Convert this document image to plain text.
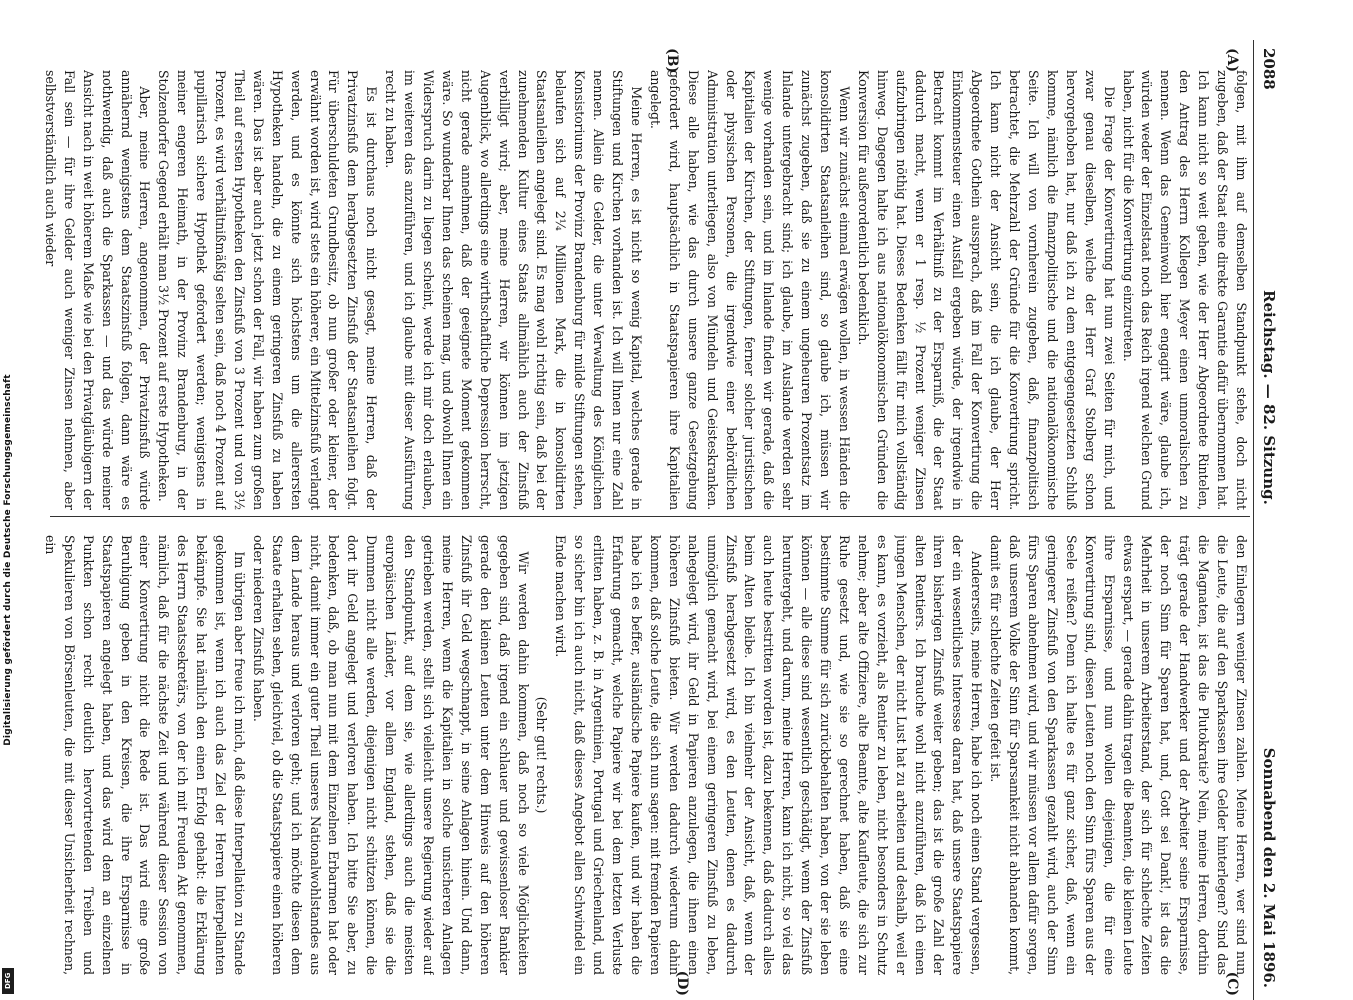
Digitalisierung gefördert durch die Deutsche Forschungsgemeinschaft
DFG
2088
Reichstag. — 82. Sitzung.
Sonnabend den 2. Mai 1896.
(A)
(B)
(C)
(D)

folgen, mit ihm auf demselben Standpunkt stehe, doch nicht zugeben, daß der Staat eine direkte Garantie dafür übernommen hat. Ich kann nicht so weit gehen, wie der Herr Abgeordnete Rintelen, den Antrag des Herrn Kollegen Meyer einen unmoralischen zu nennen. Wenn das Gemeinwohl hier engagirt wäre, glaube ich, würden weder der Einzelstaat noch das Reich irgend welchen Grund haben, nicht für die Konvertirung einzutreten.

Die Frage der Konvertirung hat nun zwei Seiten für mich, und zwar genau dieselben, welche der Herr Graf Stolberg schon hervorgehoben hat, nur daß ich zu dem entgegengesetzten Schluß komme, nämlich die finanzpolitische und die nationalökonomische Seite. Ich will von vornherein zugeben, daß, finanzpolitisch betrachtet, die Mehrzahl der Gründe für die Konvertirung spricht. Ich kann nicht der Ansicht sein, die ich glaube, der Herr Abgeordnete Gothein aussprach, daß im Fall der Konvertirung die Einkommensteuer einen Ausfall ergeben würde, der irgendwie in Betracht kommt im Verhältniß zu der Ersparniß, die der Staat dadurch macht, wenn er 1 resp. ½ Prozent weniger Zinsen aufzubringen nöthig hat. Dieses Bedenken fällt für mich vollständig hinweg. Dagegen halte ich aus nationalökonomischen Gründen die Konversion für außerordentlich bedenklich.

Wenn wir zunächst einmal erwägen wollen, in wessen Händen die konsolidirten Staatsanleihen sind, so glaube ich, müssen wir zunächst zugeben, daß sie zu einem ungeheuren Prozentsatz im Inlande untergebracht sind; ich glaube, im Auslande werden sehr wenige vorhanden sein, und im Inlande finden wir gerade, daß die Kapitalien der Kirchen, der Stiftungen, ferner solcher juristischen oder physischen Personen, die irgendwie einer behördlichen Administration unterliegen, also von Mündeln und Geisteskranken. Diese alle haben, wie das durch unsere ganze Gesetzgebung gefordert wird, hauptsächlich in Staatspapieren ihre Kapitalien angelegt.

Meine Herren, es ist nicht so wenig Kapital, welches gerade in Stiftungen und Kirchen vorhanden ist. Ich will Ihnen nur eine Zahl nennen. Allein die Gelder, die unter Verwaltung des Königlichen Konsistoriums der Provinz Brandenburg für milde Stiftungen stehen, belaufen sich auf 2¼ Millionen Mark, die in konsolidirten Staatsanleihen angelegt sind. Es mag wohl richtig sein, daß bei der zunehmenden Kultur eines Staats allmählich auch der Zinsfuß verbilligt wird; aber, meine Herren, wir können im jetzigen Augenblick, wo allerdings eine wirthschaftliche Depression herrscht, nicht gerade annehmen, daß der geeignete Moment gekommen wäre. So wunderbar Ihnen das scheinen mag, und obwohl Ihnen ein Widerspruch darin zu liegen scheint, werde ich mir doch erlauben, im weiteren das anzuführen, und ich glaube mit dieser Ausführung recht zu haben.

Es ist durchaus noch nicht gesagt, meine Herren, daß der Privatzinsfuß dem herabgesetzten Zinsfuß der Staatsanleihen folgt. Für überschuldeten Grundbesitz, ob nun großer oder kleiner, der erwähnt worden ist, wird stets ein höherer, ein Mittelzinsfuß verlangt werden, und es könnte sich höchstens um die allerersten Hypotheken handeln, die zu einem geringeren Zinsfuß zu haben wären. Das ist aber auch jetzt schon der Fall, wir haben zum großen Theil auf ersten Hypotheken den Zinsfuß von 3 Prozent und von 3½ Prozent, es wird verhältnißmäßig selten sein, daß noch 4 Prozent auf pupillarisch sichere Hypothek gefordert werden; wenigstens in meiner engeren Heimath, in der Provinz Brandenburg, in der Stolzendorfer Gegend erhält man 3½ Prozent auf erste Hypotheken.

Aber, meine Herren, angenommen, der Privatzinsfuß würde annähernd wenigstens dem Staatszinsfuß folgen, dann wäre es nothwendig, daß auch die Sparkassen — und das würde meiner Ansicht nach in weit höherem Maße wie bei den Privatgläubigern der Fall sein — für ihre Gelder auch weniger Zinsen nehmen, aber selbstverständlich auch wieder

den Einlegern weniger Zinsen zahlen. Meine Herren, wer sind nun die Leute, die auf den Sparkassen ihre Gelder hinterlegen? Sind das die Magnaten, ist das die Plutokratie? Nein, meine Herren, dorthin trägt gerade der Handwerker und der Arbeiter seine Ersparnisse, der noch Sinn für Sparen hat, und, Gott sei Dank!, ist das die Mehrheit in unserem Arbeiterstand, der sich für schlechte Zeiten etwas erspart, — gerade dahin tragen die Beamten, die kleinen Leute ihre Ersparnisse, und nun wollen diejenigen, die für eine Konvertirung sind, diesen Leuten noch den Sinn fürs Sparen aus der Seele reißen? Denn ich halte es für ganz sicher, daß, wenn ein geringerer Zinsfuß von den Sparkassen gezahlt wird, auch der Sinn fürs Sparen abnehmen wird, und wir müssen vor allem dafür sorgen, daß unserem Volke der Sinn für Sparsamkeit nicht abhanden kommt, damit es für schlechte Zeiten gefeit ist.

Andererseits, meine Herren, habe ich noch einen Stand vergessen, der ein wesentliches Interesse daran hat, daß unsere Staatspapiere ihren bisherigen Zinsfuß weiter geben; das ist die große Zahl der alten Rentiers. Ich brauche wohl nicht anzuführen, daß ich einen jungen Menschen, der nicht Lust hat zu arbeiten und deshalb, weil er es kann, es vorzieht, als Rentier zu leben, nicht besonders in Schutz nehme; aber alte Offiziere, alte Beamte, alte Kaufleute, die sich zur Ruhe gesetzt und, wie sie so gerechnet haben, daß sie eine bestimmte Summe für sich zurückbehalten haben, von der sie leben können — alle diese sind wesentlich geschädigt, wenn der Zinsfuß heruntergeht, und darum, meine Herren, kann ich nicht, so viel das auch heute bestritten worden ist, dazu bekennen, daß dadurch alles beim Alten bleibe. Ich bin vielmehr der Ansicht, daß, wenn der Zinsfuß herabgesetzt wird, es den Leuten, denen es dadurch unmöglich gemacht wird, bei einem geringeren Zinsfuß zu leben, nahegelegt wird, ihr Geld in Papieren anzulegen, die ihnen einen höheren Zinsfuß bieten. Wir werden dadurch wiederum dahin kommen, daß solche Leute, die sich nun sagen: mit fremden Papieren habe ich es beffer, ausländische Papiere kaufen, und wir haben die Erfahrung gemacht, welche Papiere wir bei dem letzten Verluste erlitten haben, z. B. in Argentinien, Portugal und Griechenland, und so sicher bin ich auch nicht, daß dieses Angebot allen Schwindel ein Ende machen wird.

(Sehr gut! rechts.)

Wir werden dahin kommen, daß noch so viele Möglichkeiten gegeben sind, daß irgend ein schlauer und gewissenloser Bankier gerade den kleinen Leuten unter dem Hinweis auf den höheren Zinsfuß ihr Geld wegschnappt, in seine Anlagen hinein. Und dann, meine Herren, wenn die Kapitalien in solche unsicheren Anlagen getrieben werden, stellt sich vielleicht unsere Regierung wieder auf den Standpunkt, auf dem sie, wie allerdings auch die meisten europäischen Länder, vor allem England, stehen, daß sie die Dummen nicht alle werden, diejenigen nicht schützen können, die dort ihr Geld angelegt und verloren haben. Ich bitte Sie aber, zu bedenken, daß, ob man nun mit dem Einzelnen Erbarmen hat oder nicht, damit immer ein guter Theil unseres Nationalwohlstandes aus dem Lande heraus und verloren geht; und ich möchte diesen dem Staate erhalten sehen, gleichviel, ob die Staatspapiere einen höheren oder niederen Zinsfuß haben.

Im übrigen aber freue ich mich, daß diese Interpellation zu Stande gekommen ist, wenn ich auch das Ziel der Herren Interpellanten bekämpfe. Sie hat nämlich den einen Erfolg gehabt: die Erklärung des Herrn Staatssekretärs, von der ich mit Freuden Akt genommen, nämlich, daß für die nächste Zeit und während dieser Session von einer Konvertirung nicht die Rede ist. Das wird eine große Beruhigung geben in den Kreisen, die ihre Ersparnisse in Staatspapieren angelegt haben, und das wird dem an einzelnen Punkten schon recht deutlich hervortretenden Treiben und Spekulieren von Börsenleuten, die mit dieser Unsicherheit rechnen, ein
